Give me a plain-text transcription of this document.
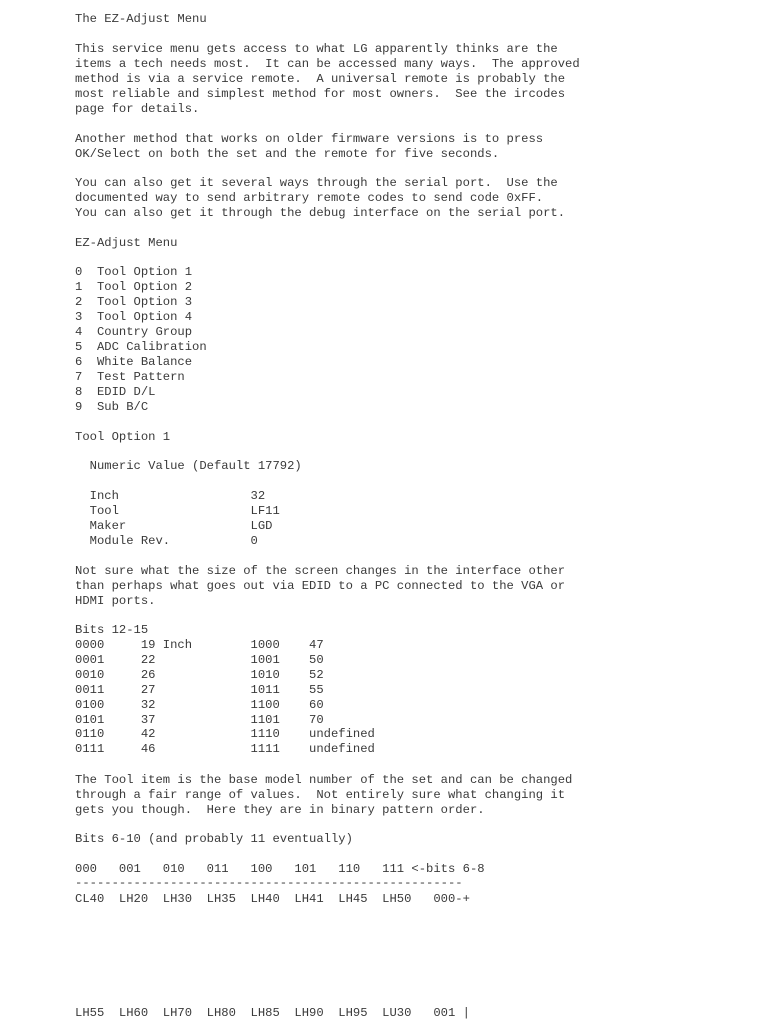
The EZ-Adjust Menu
This service menu gets access to what LG apparently thinks are the
items a tech needs most.  It can be accessed many ways.  The approved
method is via a service remote.  A universal remote is probably the
most reliable and simplest method for most owners.  See the ircodes
page for details.
Another method that works on older firmware versions is to press
OK/Select on both the set and the remote for five seconds.
You can also get it several ways through the serial port.  Use the
documented way to send arbitrary remote codes to send code 0xFF.
You can also get it through the debug interface on the serial port.
EZ-Adjust Menu
0  Tool Option 1
1  Tool Option 2
2  Tool Option 3
3  Tool Option 4
4  Country Group
5  ADC Calibration
6  White Balance
7  Test Pattern
8  EDID D/L
9  Sub B/C
Tool Option 1
Numeric Value (Default 17792)
Inch                  32
Tool                  LF11
Maker                 LGD
Module Rev.           0
Not sure what the size of the screen changes in the interface other
than perhaps what goes out via EDID to a PC connected to the VGA or
HDMI ports.
Bits 12-15
0000     19 Inch        1000    47
0001     22             1001    50
0010     26             1010    52
0011     27             1011    55
0100     32             1100    60
0101     37             1101    70
0110     42             1110    undefined
0111     46             1111    undefined
The Tool item is the base model number of the set and can be changed
through a fair range of values.  Not entirely sure what changing it
gets you though.  Here they are in binary pattern order.
Bits 6-10 (and probably 11 eventually)
000   001   010   011   100   101   110   111 <-bits 6-8
-----------------------------------------------------
CL40  LH20  LH30  LH35  LH40  LH41  LH45  LH50   000-+
LH55  LH60  LH70  LH80  LH85  LH90  LH95  LU30   001 |
